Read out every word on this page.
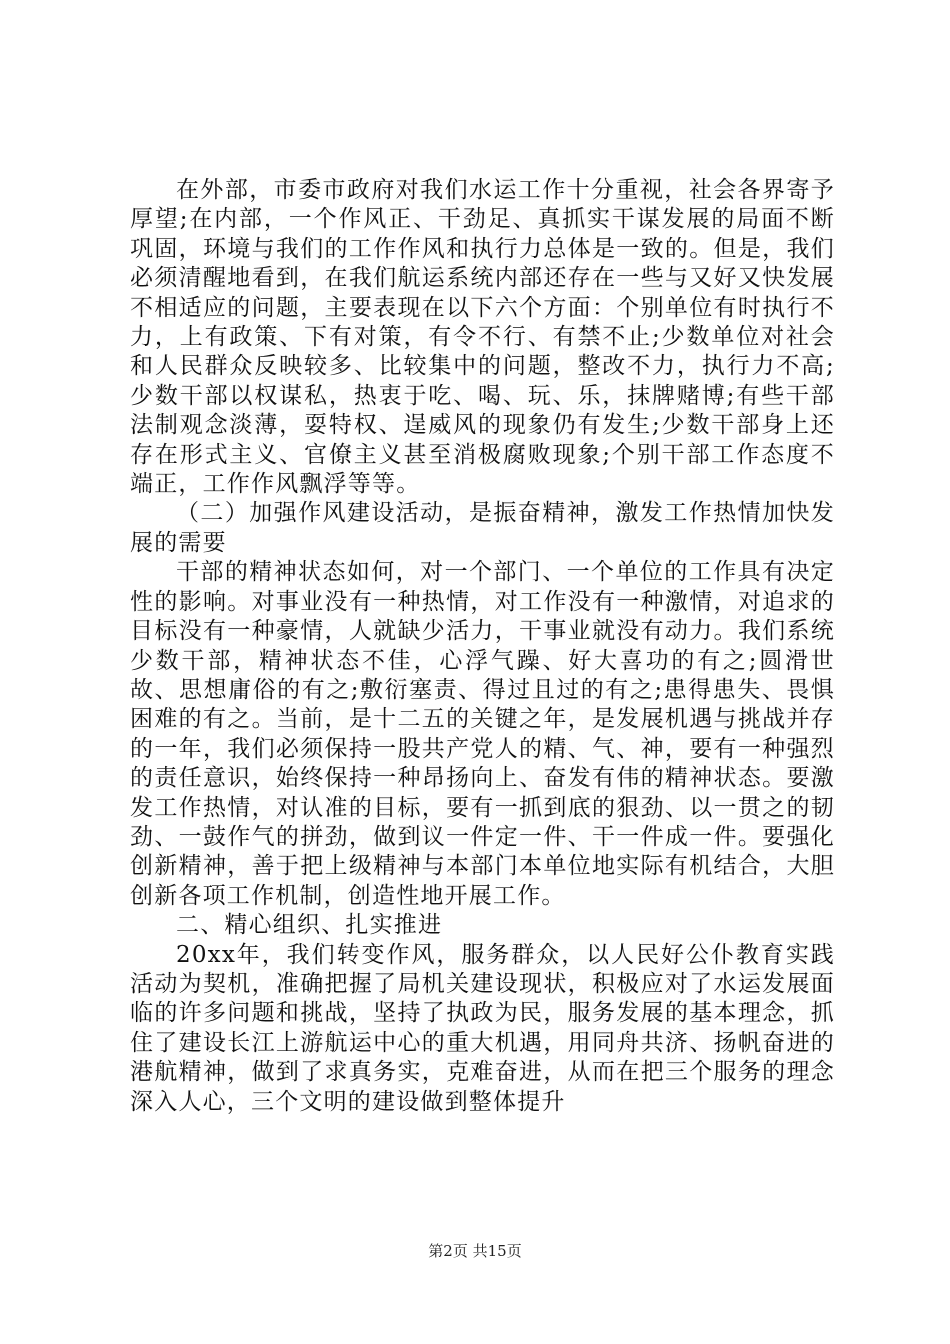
在外部，市委市政府对我们水运工作十分重视，社会各界寄予厚望;在内部，一个作风正、干劲足、真抓实干谋发展的局面不断巩固，环境与我们的工作作风和执行力总体是一致的。但是，我们必须清醒地看到，在我们航运系统内部还存在一些与又好又快发展不相适应的问题，主要表现在以下六个方面：个别单位有时执行不力，上有政策、下有对策，有令不行、有禁不止;少数单位对社会和人民群众反映较多、比较集中的问题，整改不力，执行力不高;少数干部以权谋私，热衷于吃、喝、玩、乐，抹牌赌博;有些干部法制观念淡薄，耍特权、逞威风的现象仍有发生;少数干部身上还存在形式主义、官僚主义甚至消极腐败现象;个别干部工作态度不端正，工作作风飘浮等等。

（二）加强作风建设活动，是振奋精神，激发工作热情加快发展的需要

干部的精神状态如何，对一个部门、一个单位的工作具有决定性的影响。对事业没有一种热情，对工作没有一种激情，对追求的目标没有一种豪情，人就缺少活力，干事业就没有动力。我们系统少数干部，精神状态不佳，心浮气躁、好大喜功的有之;圆滑世故、思想庸俗的有之;敷衍塞责、得过且过的有之;患得患失、畏惧困难的有之。当前，是十二五的关键之年，是发展机遇与挑战并存的一年，我们必须保持一股共产党人的精、气、神，要有一种强烈的责任意识，始终保持一种昂扬向上、奋发有伟的精神状态。要激发工作热情，对认准的目标，要有一抓到底的狠劲、以一贯之的韧劲、一鼓作气的拼劲，做到议一件定一件、干一件成一件。要强化创新精神，善于把上级精神与本部门本单位地实际有机结合，大胆创新各项工作机制，创造性地开展工作。

二、精心组织、扎实推进

20xx年，我们转变作风，服务群众，以人民好公仆教育实践活动为契机，准确把握了局机关建设现状，积极应对了水运发展面临的许多问题和挑战，坚持了执政为民，服务发展的基本理念，抓住了建设长江上游航运中心的重大机遇，用同舟共济、扬帆奋进的港航精神，做到了求真务实，克难奋进，从而在把三个服务的理念深入人心，三个文明的建设做到整体提升

第2页 共15页
